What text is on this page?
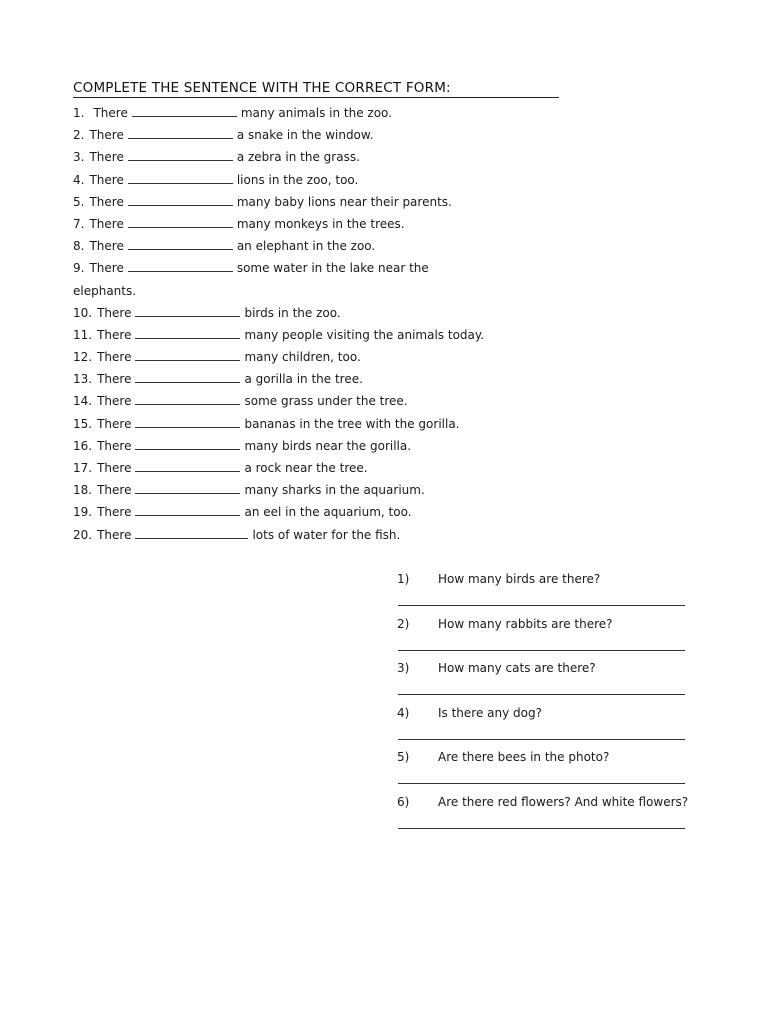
COMPLETE THE SENTENCE WITH THE CORRECT FORM:
1. There	many animals in the zoo.
2. There	a snake in the window.
3. There	a zebra in the grass.
4. There	lions in the zoo, too.
5. There	many baby lions near their parents.
7. There	many monkeys in the trees.
8. There	an elephant in the zoo.
9. There	some water in the lake near the
elephants.
10. There	birds in the zoo.
11. There	many people visiting the animals today.
12. There	many children, too.
13. There	a gorilla in the tree.
14. There	some grass under the tree.
15. There	bananas in the tree with the gorilla.
16. There	many birds near the gorilla.
17. There	a rock near the tree.
18. There	many sharks in the aquarium.
19. There	an eel in the aquarium, too.
20. There	lots of water for the fish.
1) How many birds are there?
2) How many rabbits are there?
3) How many cats are there?
4) Is there any dog?
5) Are there bees in the photo?
6) Are there red flowers? And white flowers?
